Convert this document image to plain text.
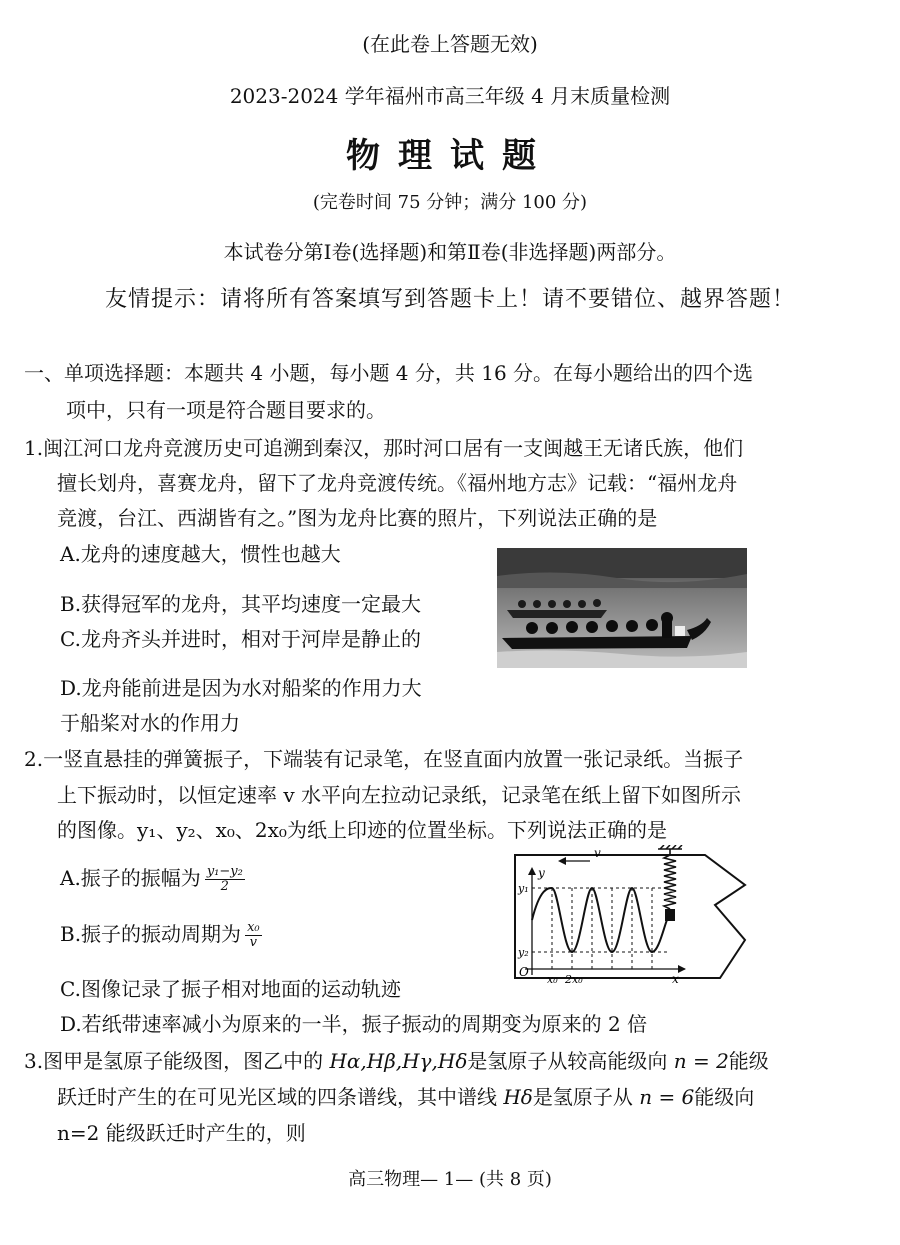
(在此卷上答题无效)
2023-2024 学年福州市高三年级 4 月末质量检测
物理试题
(完卷时间 75 分钟；满分 100 分)
本试卷分第Ⅰ卷(选择题)和第Ⅱ卷(非选择题)两部分。
友情提示：请将所有答案填写到答题卡上！请不要错位、越界答题！
一、单项选择题：本题共 4 小题，每小题 4 分，共 16 分。在每小题给出的四个选
项中，只有一项是符合题目要求的。
1.闽江河口龙舟竞渡历史可追溯到秦汉，那时河口居有一支闽越王无诸氏族，他们
擅长划舟，喜赛龙舟，留下了龙舟竞渡传统。《福州地方志》记载：“福州龙舟
竞渡，台江、西湖皆有之。”图为龙舟比赛的照片，下列说法正确的是
A.龙舟的速度越大，惯性也越大
B.获得冠军的龙舟，其平均速度一定最大
C.龙舟齐头并进时，相对于河岸是静止的
D.龙舟能前进是因为水对船桨的作用力大
于船桨对水的作用力
2.一竖直悬挂的弹簧振子，下端装有记录笔，在竖直面内放置一张记录纸。当振子
上下振动时，以恒定速率 v 水平向左拉动记录纸，记录笔在纸上留下如图所示
的图像。y₁、y₂、x₀、2x₀为纸上印迹的位置坐标。下列说法正确的是
A.振子的振幅为 $\frac{\text{y₁−y₂}}{2}$
B.振子的振动周期为 $\frac{\text{x₀}}{v}$
C.图像记录了振子相对地面的运动轨迹
D.若纸带速率减小为原来的一半，振子振动的周期变为原来的 2 倍
v
y
y₁
y₂
O
x₀ 2x₀	x
3.图甲是氢原子能级图，图乙中的 Hα,Hβ,Hγ,Hδ是氢原子从较高能级向 n = 2能级
跃迁时产生的在可见光区域的四条谱线，其中谱线 Hδ是氢原子从 n = 6能级向
n=2 能级跃迁时产生的，则
高三物理— 1— (共 8 页)
